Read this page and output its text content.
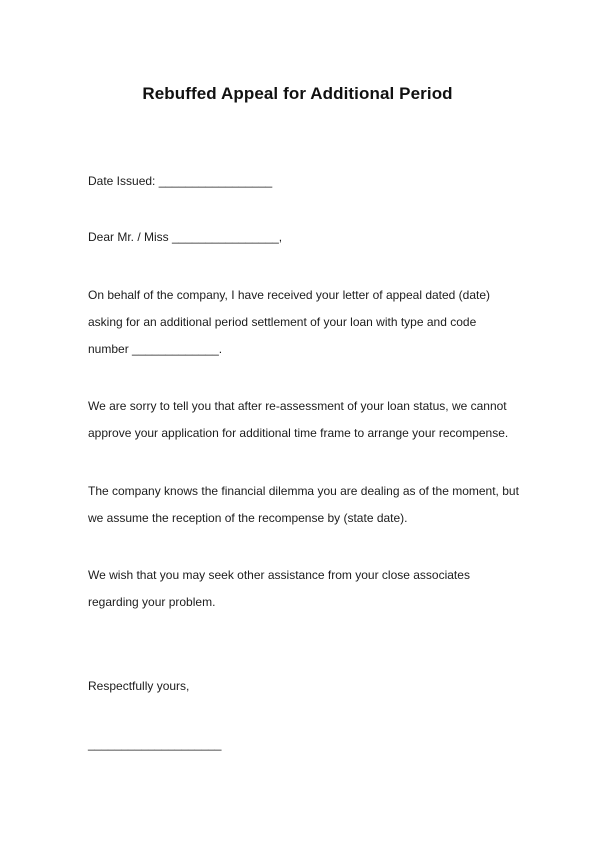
Rebuffed Appeal for Additional Period
Date Issued: _________________
Dear Mr. / Miss ________________,
On behalf of the company, I have received your letter of appeal dated (date)
asking for an additional period settlement of your loan with type and code
number _____________.
We are sorry to tell you that after re-assessment of your loan status, we cannot
approve your application for additional time frame to arrange your recompense.
The company knows the financial dilemma you are dealing as of the moment, but
we assume the reception of the recompense by (state date).
We wish that you may seek other assistance from your close associates
regarding your problem.
Respectfully yours,
____________________
